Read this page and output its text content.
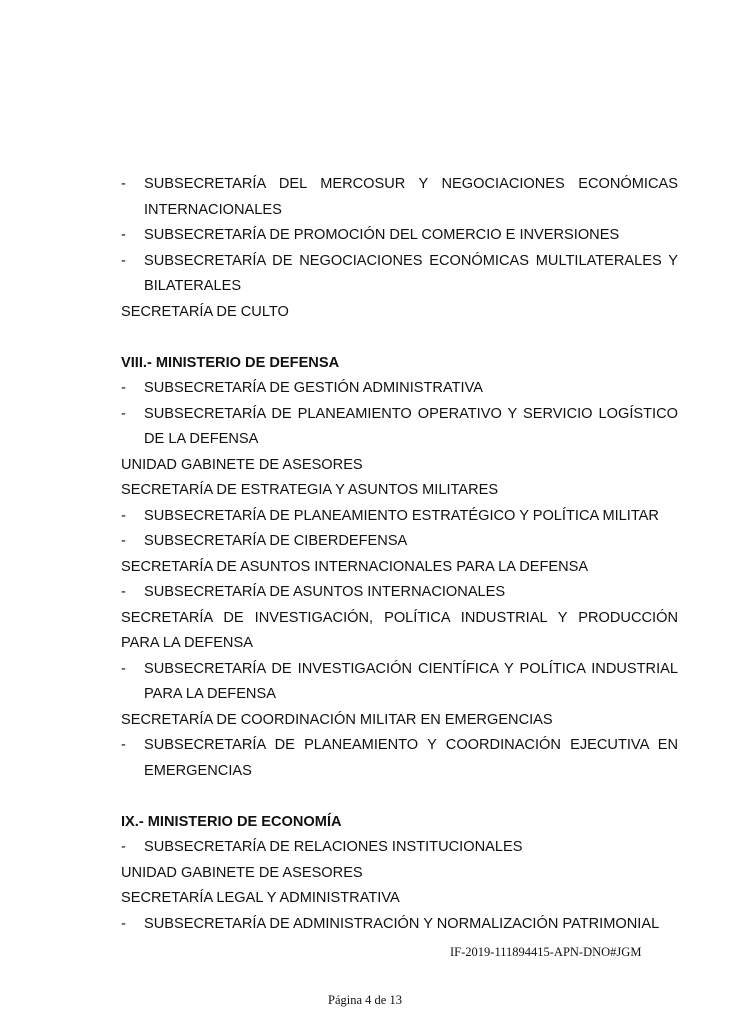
- SUBSECRETARÍA DEL MERCOSUR Y NEGOCIACIONES ECONÓMICAS INTERNACIONALES
- SUBSECRETARÍA DE PROMOCIÓN DEL COMERCIO E INVERSIONES
- SUBSECRETARÍA DE NEGOCIACIONES ECONÓMICAS MULTILATERALES Y BILATERALES
SECRETARÍA DE CULTO
VIII.- MINISTERIO DE DEFENSA
- SUBSECRETARÍA DE GESTIÓN ADMINISTRATIVA
- SUBSECRETARÍA DE PLANEAMIENTO OPERATIVO Y SERVICIO LOGÍSTICO DE LA DEFENSA
UNIDAD GABINETE DE ASESORES
SECRETARÍA DE ESTRATEGIA Y ASUNTOS MILITARES
- SUBSECRETARÍA DE PLANEAMIENTO ESTRATÉGICO Y POLÍTICA MILITAR
- SUBSECRETARÍA DE CIBERDEFENSA
SECRETARÍA DE ASUNTOS INTERNACIONALES PARA LA DEFENSA
- SUBSECRETARÍA DE ASUNTOS INTERNACIONALES
SECRETARÍA DE INVESTIGACIÓN, POLÍTICA INDUSTRIAL Y PRODUCCIÓN PARA LA DEFENSA
- SUBSECRETARÍA DE INVESTIGACIÓN CIENTÍFICA Y POLÍTICA INDUSTRIAL PARA LA DEFENSA
SECRETARÍA DE COORDINACIÓN MILITAR EN EMERGENCIAS
- SUBSECRETARÍA DE PLANEAMIENTO Y COORDINACIÓN EJECUTIVA EN EMERGENCIAS
IX.- MINISTERIO DE ECONOMÍA
- SUBSECRETARÍA DE RELACIONES INSTITUCIONALES
UNIDAD GABINETE DE ASESORES
SECRETARÍA LEGAL Y ADMINISTRATIVA
- SUBSECRETARÍA DE ADMINISTRACIÓN Y NORMALIZACIÓN PATRIMONIAL
IF-2019-111894415-APN-DNO#JGM
Página 4 de 13
